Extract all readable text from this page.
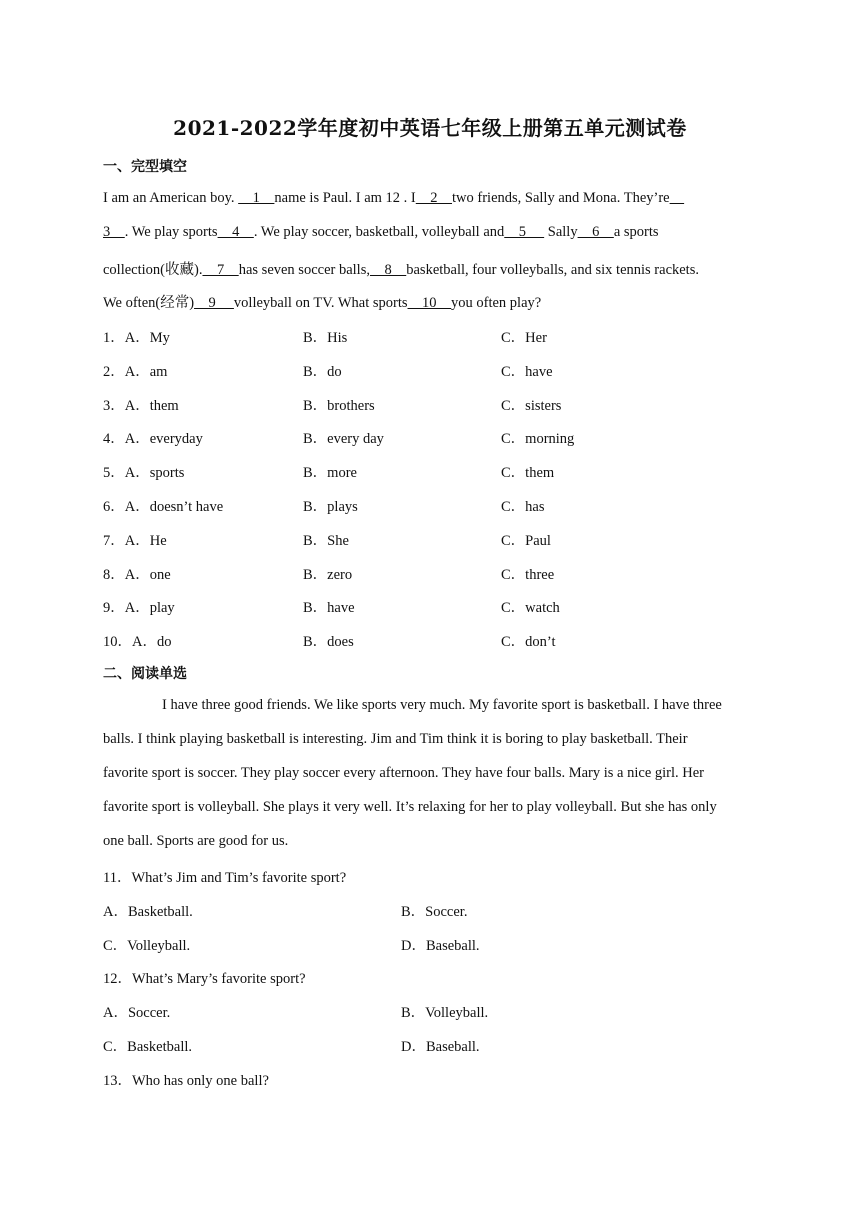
2021-2022学年度初中英语七年级上册第五单元测试卷
一、完型填空
I am an American boy.     1    name is Paul. I am 12 . I    2    two friends, Sally and Mona. They’re
3    . We play sports    4    . We play soccer, basketball, volleyball and    5      Sally    6    a sports
collection(收藏).    7    has seven soccer balls,    8    basketball, four volleyballs, and six tennis rackets.
We often(经常)    9     volleyball on TV. What sports    10    you often play?
1．A．My	B．His	C．Her
2．A．am	B．do	C．have
3．A．them	B．brothers	C．sisters
4．A．everyday	B．every day	C．morning
5．A．sports	B．more	C．them
6．A．doesn’t have	B．plays	C．has
7．A．He	B．She	C．Paul
8．A．one	B．zero	C．three
9．A．play	B．have	C．watch
10．A．do	B．does	C．don’t
二、阅读单选
I have three good friends. We like sports very much. My favorite sport is basketball. I have three
balls. I think playing basketball is interesting. Jim and Tim think it is boring to play basketball. Their
favorite sport is soccer. They play soccer every afternoon. They have four balls. Mary is a nice girl. Her
favorite sport is volleyball. She plays it very well. It’s relaxing for her to play volleyball. But she has only
one ball. Sports are good for us.
11．What’s Jim and Tim’s favorite sport?
A．Basketball.	B．Soccer.
C．Volleyball.	D．Baseball.
12．What’s Mary’s favorite sport?
A．Soccer.	B．Volleyball.
C．Basketball.	D．Baseball.
13．Who has only one ball?
